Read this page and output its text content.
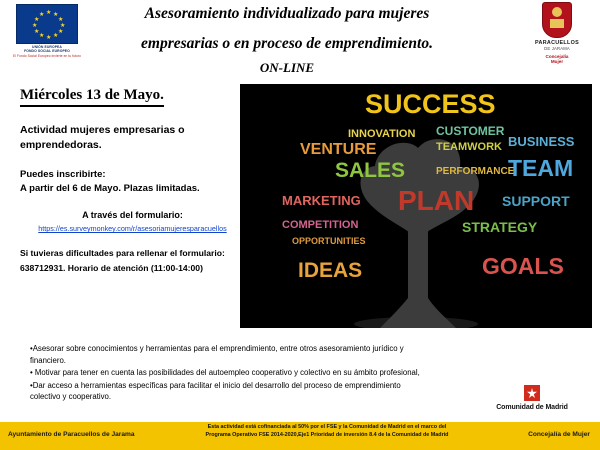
★
★ ★
★	★
★	★
★	★
★ ★
★
UNIÓN EUROPEA
FONDO SOCIAL EUROPEO
El Fondo Social Europeo invierte en tu futuro
Asesoramiento individualizado para mujeres
empresarias o en proceso de emprendimiento.
ON-LINE
PARACUELLOS
DE JARAMA
Concejalía
Mujer
Miércoles 13 de Mayo.
Actividad mujeres empresarias o emprendedoras.
Puedes inscribirte:
A partir del 6 de Mayo. Plazas limitadas.
A través del formulario:
https://es.surveymonkey.com/r/asesoriamujeresparacuellos
Si tuvieras dificultades para rellenar el formulario:
638712931. Horario de atención (11:00-14:00)
SUCCESS
INNOVATION CUSTOMER
VENTURE	TEAMWORK BUSINESS
SALES	PERFORMANCE
TEAM
MARKETING PLAN SUPPORT
COMPETITION	STRATEGY
OPPORTUNITIES
IDEAS	GOALS
•Asesorar sobre conocimientos y herramientas para el emprendimiento, entre otros asesoramiento jurídico y financiero.
• Motivar para tener en cuenta las posibilidades del autoempleo cooperativo y colectivo en su ámbito profesional,
•Dar acceso a herramientas específicas para facilitar el inicio del desarrollo del proceso de emprendimiento colectivo y cooperativo.
Comunidad de Madrid
Ayuntamiento de Paracuellos de Jarama
Esta actividad está cofinanciada al 50% por el FSE y la Comunidad de Madrid en el marco del
Programa Operativo FSE 2014-2020,Eje1 Prioridad de inversión 8.4 de la Comunidad de Madrid	Concejalía de Mujer
